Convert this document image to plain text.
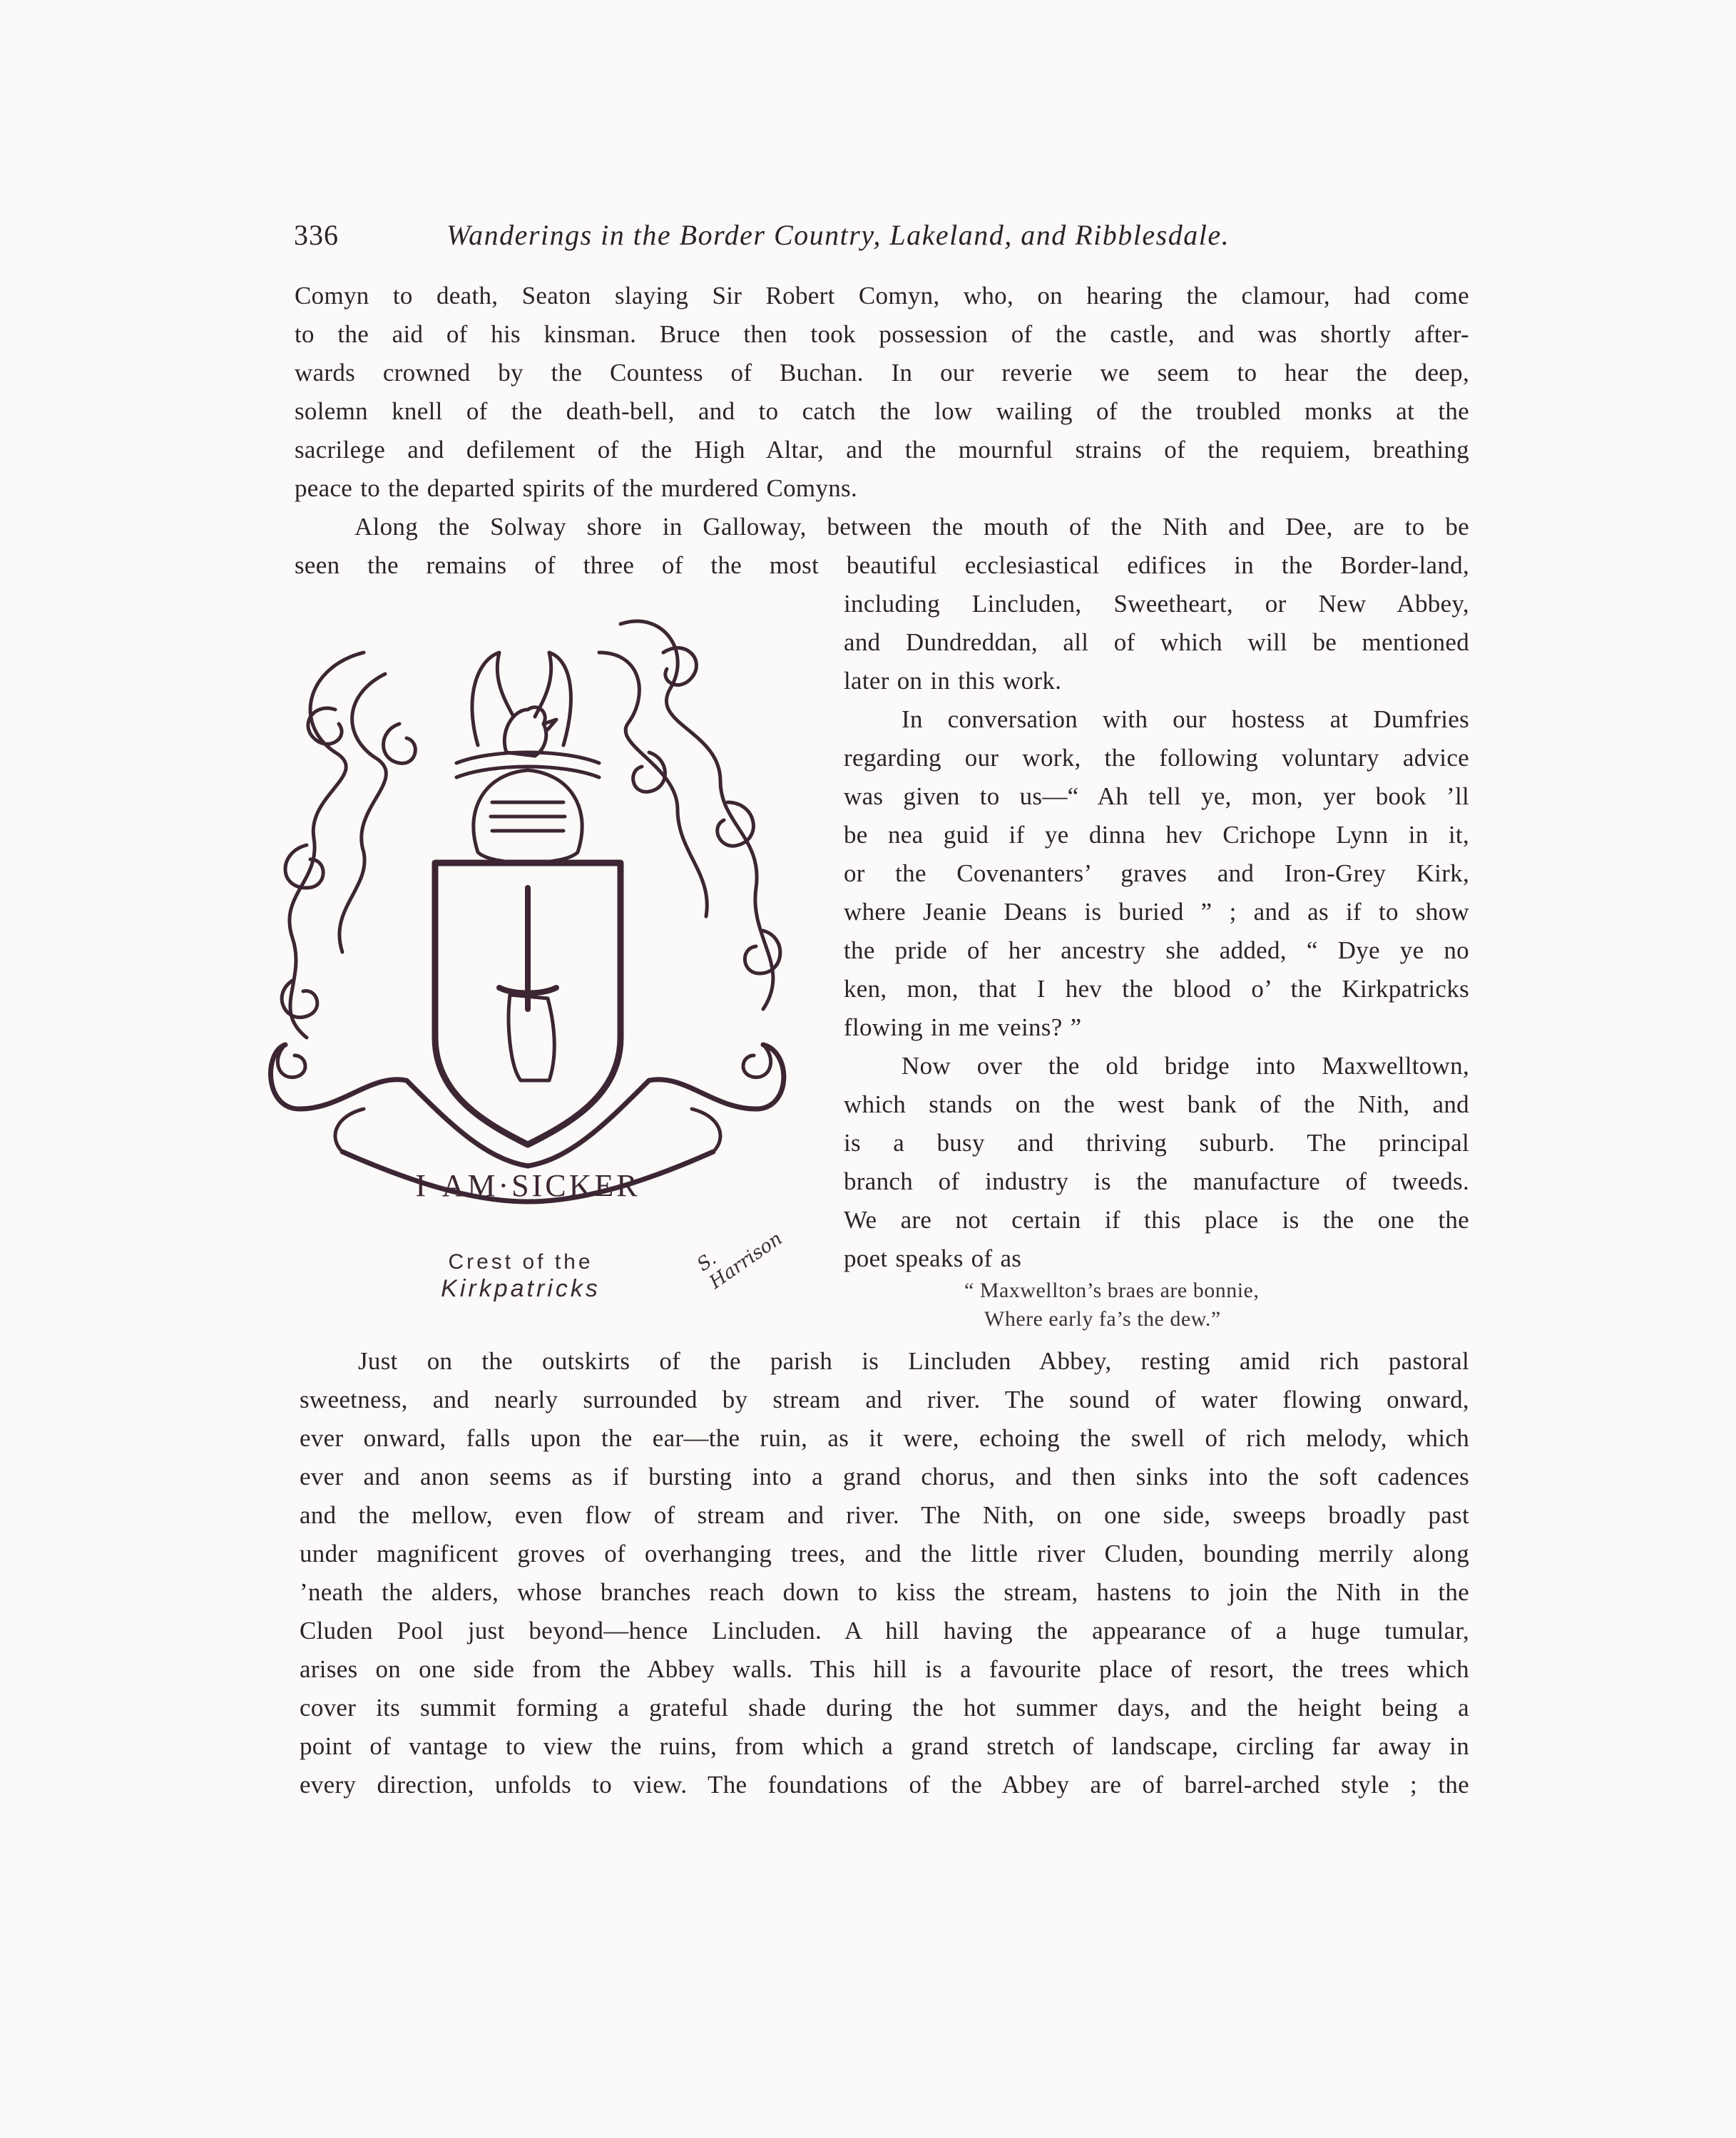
336	Wanderings in the Border Country, Lakeland, and Ribblesdale.
Comyn to death, Seaton slaying Sir Robert Comyn, who, on hearing the clamour, had come
to the aid of his kinsman. Bruce then took possession of the castle, and was shortly after-
wards crowned by the Countess of Buchan. In our reverie we seem to hear the deep,
solemn knell of the death-bell, and to catch the low wailing of the troubled monks at the
sacrilege and defilement of the High Altar, and the mournful strains of the requiem, breathing
peace to the departed spirits of the murdered Comyns.
Along the Solway shore in Galloway, between the mouth of the Nith and Dee, are to be
seen the remains of three of the most beautiful ecclesiastical edifices in the Border-land,
including Lincluden, Sweetheart, or New Abbey,
and Dundreddan, all of which will be mentioned
later on in this work.
In conversation with our hostess at Dumfries
regarding our work, the following voluntary advice
was given to us—“ Ah tell ye, mon, yer book ’ll
be nea guid if ye dinna hev Crichope Lynn in it,
or the Covenanters’ graves and Iron-Grey Kirk,
where Jeanie Deans is buried ” ; and as if to show
the pride of her ancestry she added, “ Dye ye no
ken, mon, that I hev the blood o’ the Kirkpatricks
flowing in me veins? ”
Now over the old bridge into Maxwelltown,
which stands on the west bank of the Nith, and
is a busy and thriving suburb. The principal
branch of industry is the manufacture of tweeds.
We are not certain if this place is the one the
poet speaks of as
“ Maxwellton’s braes are bonnie,
Where early fa’s the dew.”
Just on the outskirts of the parish is Lincluden Abbey, resting amid rich pastoral
sweetness, and nearly surrounded by stream and river. The sound of water flowing onward,
ever onward, falls upon the ear—the ruin, as it were, echoing the swell of rich melody, which
ever and anon seems as if bursting into a grand chorus, and then sinks into the soft cadences
and the mellow, even flow of stream and river. The Nith, on one side, sweeps broadly past
under magnificent groves of overhanging trees, and the little river Cluden, bounding merrily along
’neath the alders, whose branches reach down to kiss the stream, hastens to join the Nith in the
Cluden Pool just beyond—hence Lincluden. A hill having the appearance of a huge tumular,
arises on one side from the Abbey walls. This hill is a favourite place of resort, the trees which
cover its summit forming a grateful shade during the hot summer days, and the height being a
point of vantage to view the ruins, from which a grand stretch of landscape, circling far away in
every direction, unfolds to view. The foundations of the Abbey are of barrel-arched style ; the
I·AM·SICKER
Crest of the
Kirkpatricks
S. Harrison
